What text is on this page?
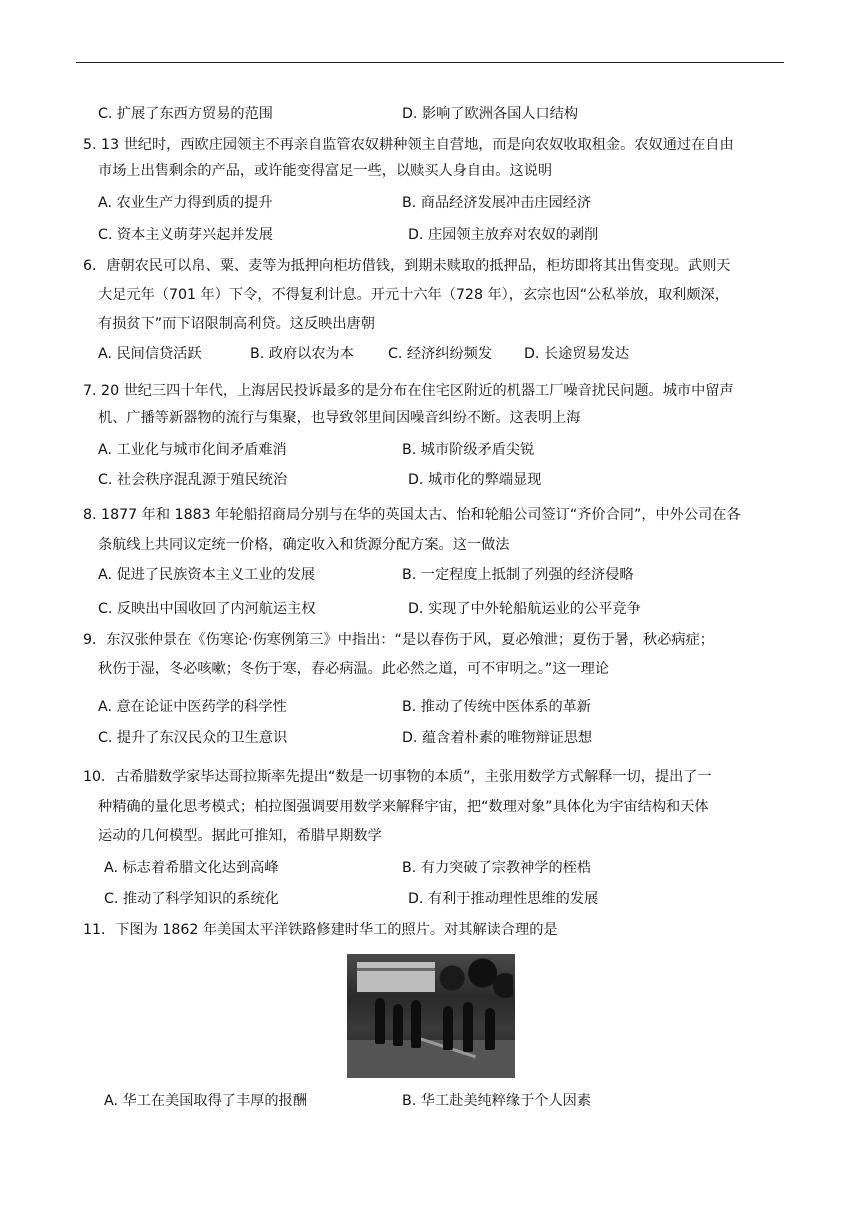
C. 扩展了东西方贸易的范围	D. 影响了欧洲各国人口结构
5. 13 世纪时，西欧庄园领主不再亲自监管农奴耕种领主自营地，而是向农奴收取租金。农奴通过在自由
市场上出售剩余的产品，或许能变得富足一些，以赎买人身自由。这说明
A. 农业生产力得到质的提升	B. 商品经济发展冲击庄园经济
C. 资本主义萌芽兴起并发展	D. 庄园领主放弃对农奴的剥削
6．唐朝农民可以帛、粟、麦等为抵押向柜坊借钱，到期未赎取的抵押品，柜坊即将其出售变现。武则天
大足元年（701 年）下令，不得复利计息。开元十六年（728 年），玄宗也因“公私举放，取利颇深，
有损贫下”而下诏限制高利贷。这反映出唐朝
A. 民间信贷活跃	B. 政府以农为本 C. 经济纠纷频发 D. 长途贸易发达
7. 20 世纪三四十年代，上海居民投诉最多的是分布在住宅区附近的机器工厂噪音扰民问题。城市中留声
机、广播等新器物的流行与集聚，也导致邻里间因噪音纠纷不断。这表明上海
A. 工业化与城市化间矛盾难消	B. 城市阶级矛盾尖锐
C. 社会秩序混乱源于殖民统治	D. 城市化的弊端显现
8. 1877 年和 1883 年轮船招商局分别与在华的英国太古、怡和轮船公司签订“齐价合同”，中外公司在各
条航线上共同议定统一价格，确定收入和货源分配方案。这一做法
A. 促进了民族资本主义工业的发展	B. 一定程度上抵制了列强的经济侵略
C. 反映出中国收回了内河航运主权	D. 实现了中外轮船航运业的公平竞争
9．东汉张仲景在《伤寒论·伤寒例第三》中指出：“是以春伤于风，夏必飧泄；夏伤于暑，秋必病症；
秋伤于湿，冬必咳嗽；冬伤于寒，春必病温。此必然之道，可不审明之。”这一理论
A. 意在论证中医药学的科学性	B. 推动了传统中医体系的革新
C. 提升了东汉民众的卫生意识	D. 蕴含着朴素的唯物辩证思想
10．古希腊数学家毕达哥拉斯率先提出“数是一切事物的本质”，主张用数学方式解释一切，提出了一
种精确的量化思考模式；柏拉图强调要用数学来解释宇宙，把“数理对象”具体化为宇宙结构和天体
运动的几何模型。据此可推知，希腊早期数学
A. 标志着希腊文化达到高峰	B. 有力突破了宗教神学的桎梏
C. 推动了科学知识的系统化	D. 有利于推动理性思维的发展
11．下图为 1862 年美国太平洋铁路修建时华工的照片。对其解读合理的是
A. 华工在美国取得了丰厚的报酬	B. 华工赴美纯粹缘于个人因素
